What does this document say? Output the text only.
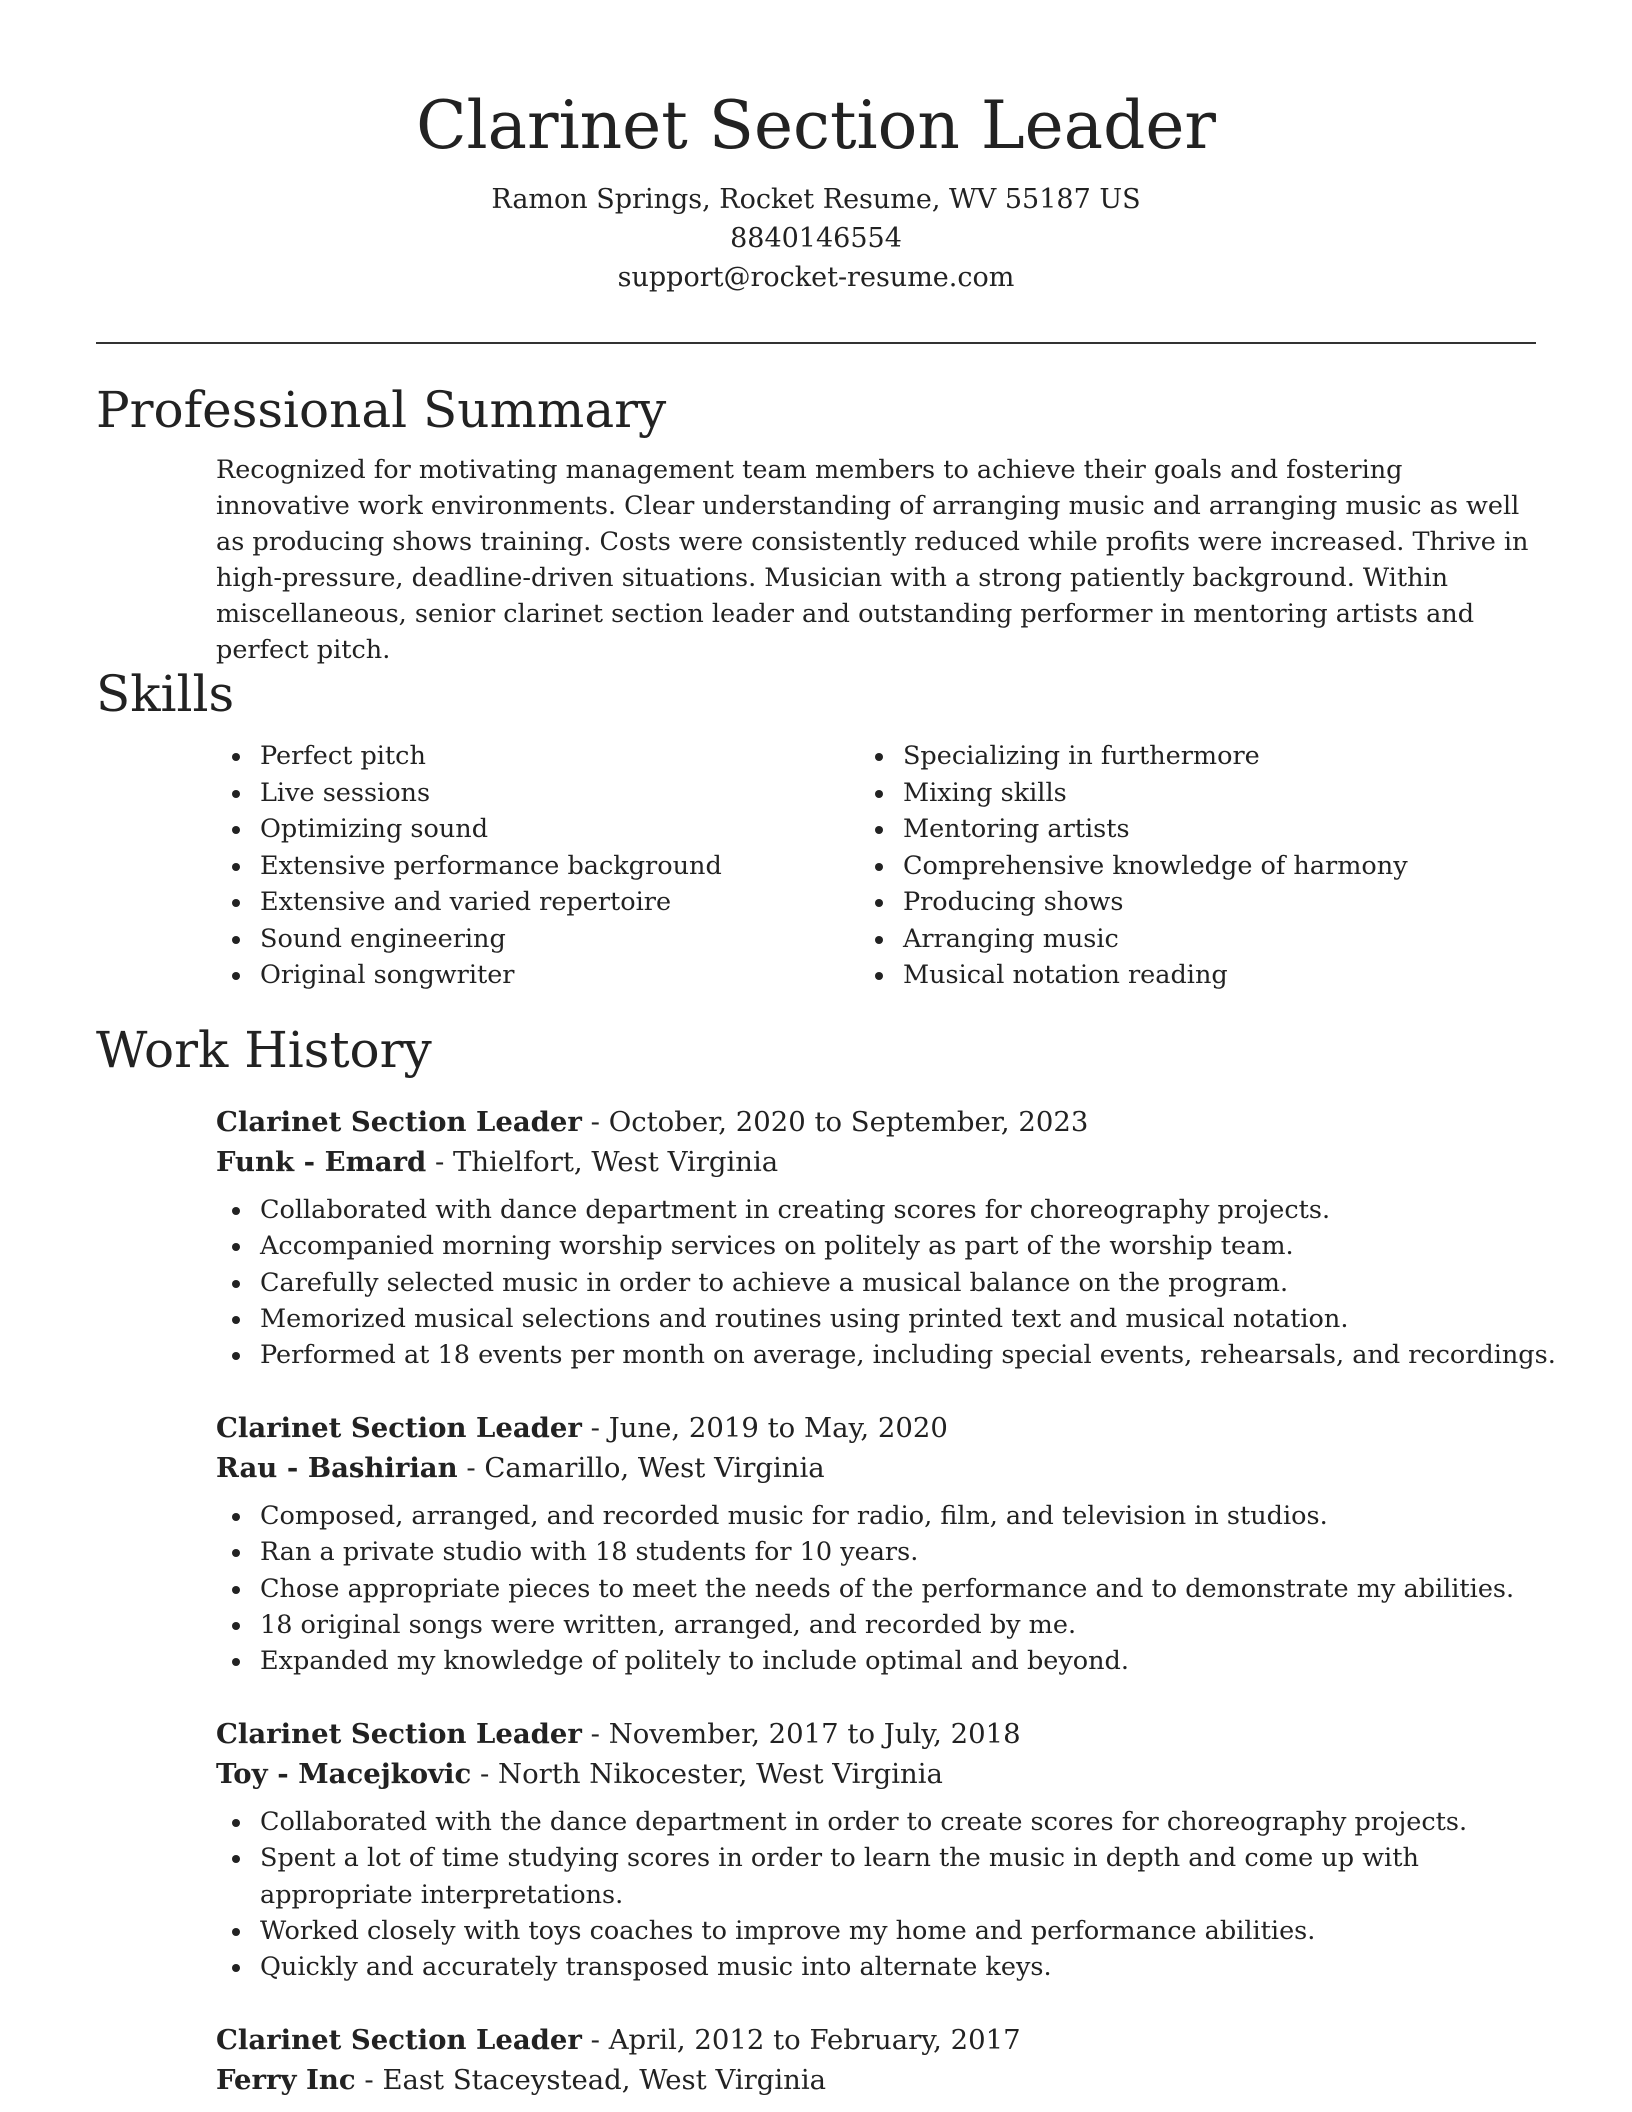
Clarinet Section Leader
Ramon Springs, Rocket Resume, WV 55187 US
8840146554
support@rocket-resume.com
Professional Summary

Recognized for motivating management team members to achieve their goals and fostering innovative work environments. Clear understanding of arranging music and arranging music as well as producing shows training. Costs were consistently reduced while profits were increased. Thrive in high-pressure, deadline-driven situations. Musician with a strong patiently background. Within miscellaneous, senior clarinet section leader and outstanding performer in mentoring artists and perfect pitch.

Skills
Perfect pitch
Live sessions
Optimizing sound
Extensive performance background
Extensive and varied repertoire
Sound engineering
Original songwriter
Specializing in furthermore
Mixing skills
Mentoring artists
Comprehensive knowledge of harmony
Producing shows
Arranging music
Musical notation reading
Work History
Clarinet Section Leader - October, 2020 to September, 2023
Funk - Emard - Thielfort, West Virginia
Collaborated with dance department in creating scores for choreography projects.
Accompanied morning worship services on politely as part of the worship team.
Carefully selected music in order to achieve a musical balance on the program.
Memorized musical selections and routines using printed text and musical notation.
Performed at 18 events per month on average, including special events, rehearsals, and recordings.
Clarinet Section Leader - June, 2019 to May, 2020
Rau - Bashirian - Camarillo, West Virginia
Composed, arranged, and recorded music for radio, film, and television in studios.
Ran a private studio with 18 students for 10 years.
Chose appropriate pieces to meet the needs of the performance and to demonstrate my abilities.
18 original songs were written, arranged, and recorded by me.
Expanded my knowledge of politely to include optimal and beyond.
Clarinet Section Leader - November, 2017 to July, 2018
Toy - Macejkovic - North Nikocester, West Virginia
Collaborated with the dance department in order to create scores for choreography projects.
Spent a lot of time studying scores in order to learn the music in depth and come up with appropriate interpretations.
Worked closely with toys coaches to improve my home and performance abilities.
Quickly and accurately transposed music into alternate keys.
Clarinet Section Leader - April, 2012 to February, 2017
Ferry Inc - East Staceystead, West Virginia
